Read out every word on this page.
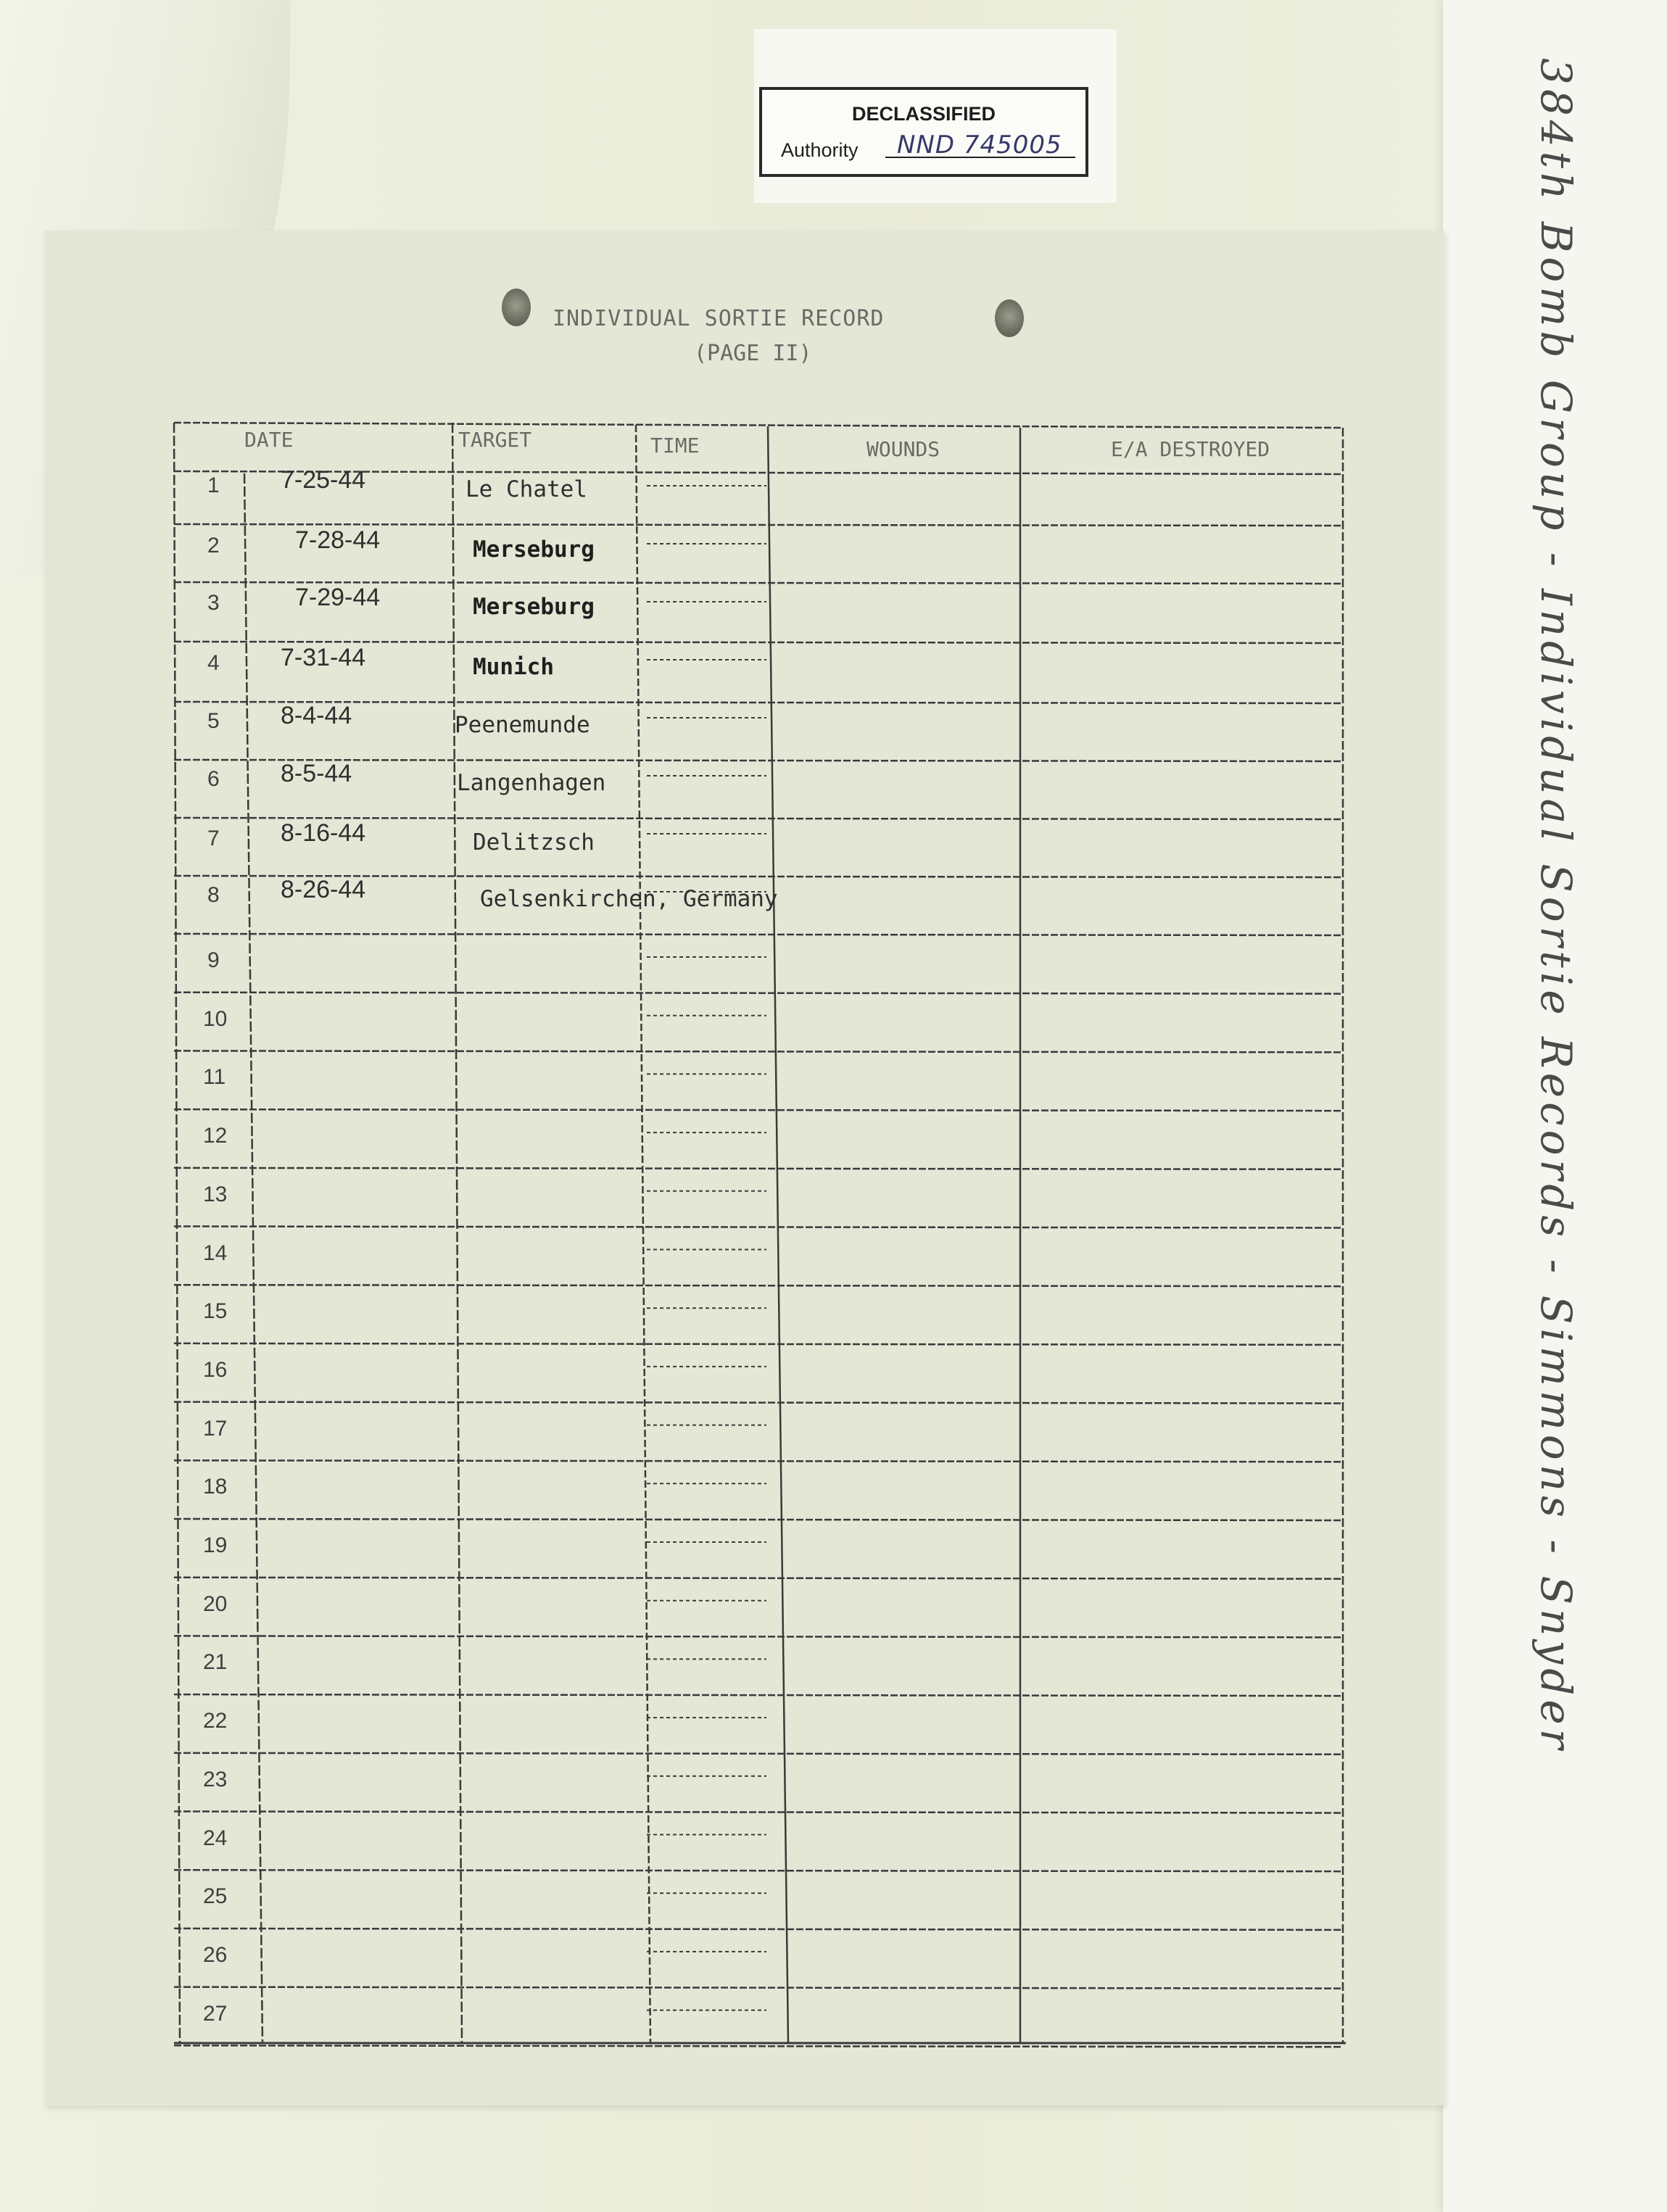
DECLASSIFIED
Authority	NND 745005	384th Bomb Group - Individual Sortie Records - Simmons - Snyder
INDIVIDUAL SORTIE RECORD
(PAGE II)
DATE	TARGET	TIME	WOUNDS	E/A DESTROYED
1 7-25-44	Le Chatel
2	7-28-44	Merseburg
3	7-29-44	Merseburg
4 7-31-44	Munich
5 8-4-44	Peenemunde
6 8-5-44	Langenhagen
7 8-16-44	Delitzsch
8 8-26-44	Gelsenkirchen, Germany
9
10
11
12
13
14
15
16
17
18
19
20
21
22
23
24
25
26
27
